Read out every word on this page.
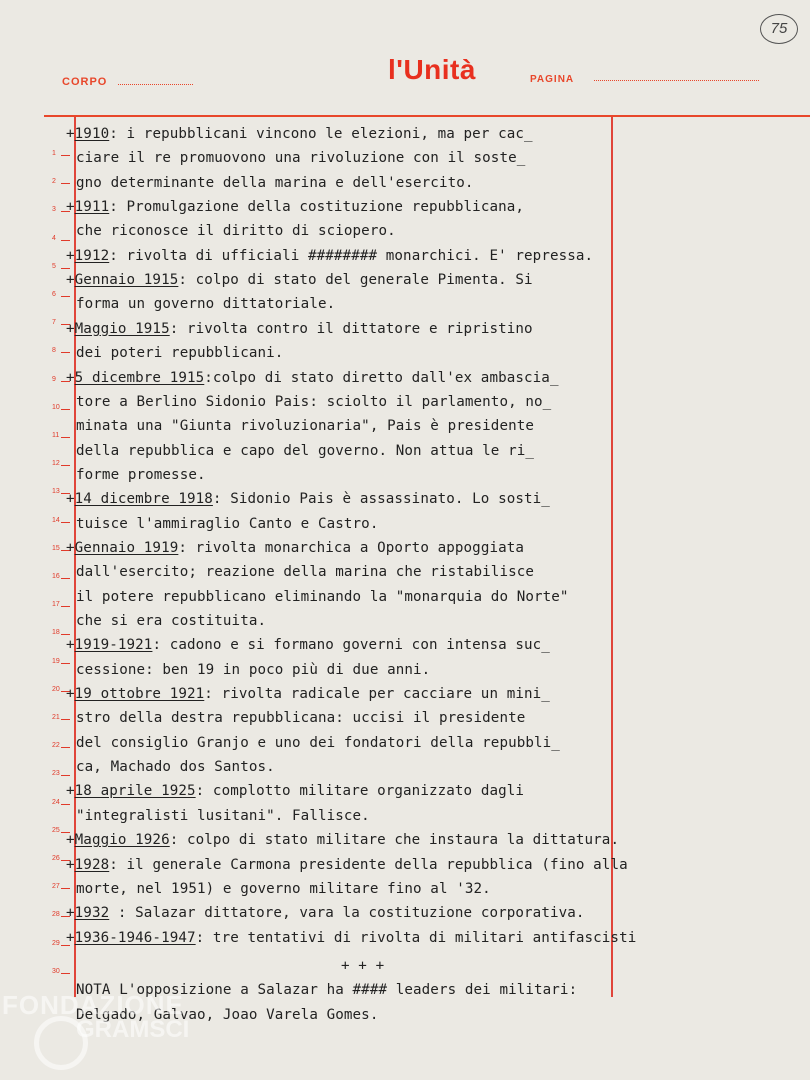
CORPO	l'Unità	PAGINA
75
1
2
3
4
5
6
7
8
9
10
11
12
13
14
15
16
17
18
19
20
21
22
23
24
25
26
27
28
29
30
+1910: i repubblicani vincono le elezioni, ma per cac_
ciare il re promuovono una rivoluzione con il soste_
gno determinante della marina e dell'esercito.
+1911: Promulgazione della costituzione repubblicana,
che riconosce il diritto di sciopero.
+1912: rivolta di ufficiali ######## monarchici. E' repressa.
+Gennaio 1915: colpo di stato del generale Pimenta. Si
forma un governo dittatoriale.
+Maggio 1915: rivolta contro il dittatore e ripristino
dei poteri repubblicani.
+5 dicembre 1915:colpo di stato diretto dall'ex ambascia_
tore a Berlino Sidonio Pais: sciolto il parlamento, no_
minata una "Giunta rivoluzionaria", Pais è presidente
della repubblica e capo del governo. Non attua le ri_
forme promesse.
+14 dicembre 1918: Sidonio Pais è assassinato. Lo sosti_
tuisce l'ammiraglio Canto e Castro.
+Gennaio 1919: rivolta monarchica a Oporto appoggiata
dall'esercito; reazione della marina che ristabilisce
il potere repubblicano eliminando la "monarquia do Norte"
che si era costituita.
+1919-1921: cadono e si formano governi con intensa suc_
cessione: ben 19 in poco più di due anni.
+19 ottobre 1921: rivolta radicale per cacciare un mini_
stro della destra repubblicana: uccisi il presidente
del consiglio Granjo e uno dei fondatori della repubbli_
ca, Machado dos Santos.
+18 aprile 1925: complotto militare organizzato dagli
"integralisti lusitani". Fallisce.
+Maggio 1926: colpo di stato militare che instaura la dittatura.
+1928: il generale Carmona presidente della repubblica (fino alla
morte, nel 1951) e governo militare fino al '32.
+1932 : Salazar dittatore, vara la costituzione corporativa.
+1936-1946-1947: tre tentativi di rivolta di militari antifascisti
+ + +
NOTA L'opposizione a Salazar ha #### leaders dei militari:
Delgado, Galvao, Joao Varela Gomes.
FONDAZIONE
GRAMSCI
